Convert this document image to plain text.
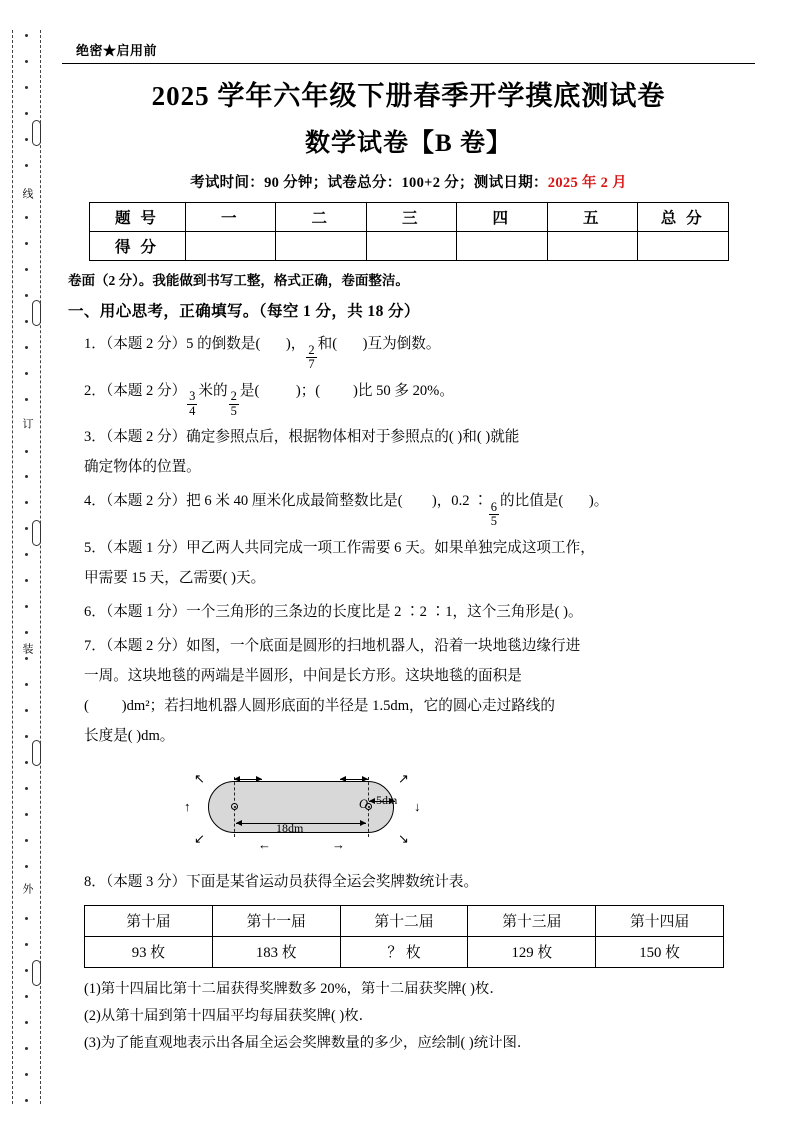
线
订
装
外
绝密★启用前
2025 学年六年级下册春季开学摸底测试卷
数学试卷【B 卷】
考试时间：90 分钟；试卷总分：100+2 分；测试日期：2025 年 2 月
题 号	一	二	三	四	五	总 分
得 分						
卷面（2 分）。我能做到书写工整，格式正确，卷面整洁。
一、用心思考，正确填写。（每空 1 分，共 18 分）
1．（本题 2 分）5 的倒数是( )， $\frac{2}{7}$ 和( )互为倒数。
2．（本题 2 分） $\frac{3}{4}$ 米的 $\frac{2}{5}$ 是( )；( )比 50 多 20%。
3．（本题 2 分）确定参照点后，根据物体相对于参照点的( )和( )就能
确定物体的位置。
4．（本题 2 分）把 6 米 40 厘米化成最简整数比是( )，0.2 ∶ $\frac{6}{5}$ 的比值是( )。
5．（本题 1 分）甲乙两人共同完成一项工作需要 6 天。如果单独完成这项工作，
甲需要 15 天，乙需要( )天。
6．（本题 1 分）一个三角形的三条边的长度比是 2 ∶2 ∶1，这个三角形是( )。
7．（本题 2 分）如图，一个底面是圆形的扫地机器人，沿着一块地毯边缘行进
一周。这块地毯的两端是半圆形，中间是长方形。这块地毯的面积是
( )dm²；若扫地机器人圆形底面的半径是 1.5dm，它的圆心走过路线的
长度是( )dm。
18dm
5dm
O
↖	↗
↙	↘
←	→
↑	↓
8．（本题 3 分）下面是某省运动员获得全运会奖牌数统计表。
第十届	第十一届	第十二届	第十三届	第十四届
93 枚	183 枚	？ 枚	129 枚	150 枚
(1)第十四届比第十二届获得奖牌数多 20%，第十二届获奖牌( )枚．
(2)从第十届到第十四届平均每届获奖牌( )枚．
(3)为了能直观地表示出各届全运会奖牌数量的多少，应绘制( )统计图．
